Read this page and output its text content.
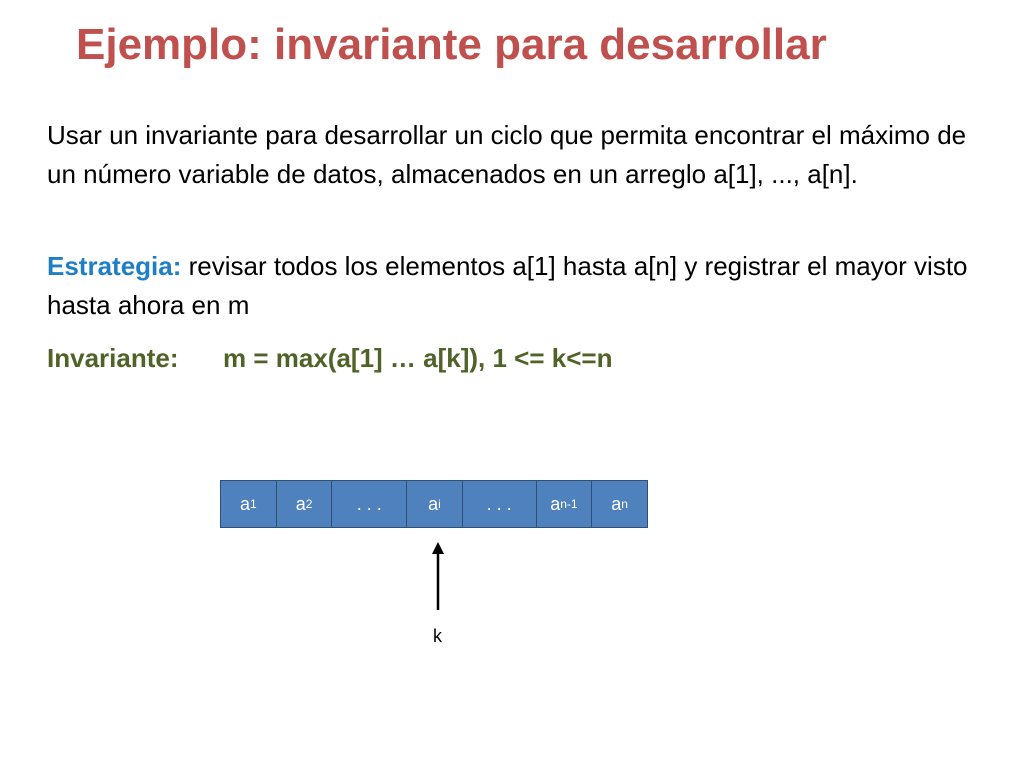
Ejemplo: invariante para desarrollar
Usar un invariante para desarrollar un ciclo que permita encontrar el máximo de un número variable de datos, almacenados en un arreglo a[1], ..., a[n].
Estrategia: revisar todos los elementos a[1] hasta a[n] y registrar el mayor visto hasta ahora en m
Invariante: m = max(a[1] … a[k]), 1 <= k<=n
a 1 a 2 . . .	a i	. . . a n-1 a n
k
